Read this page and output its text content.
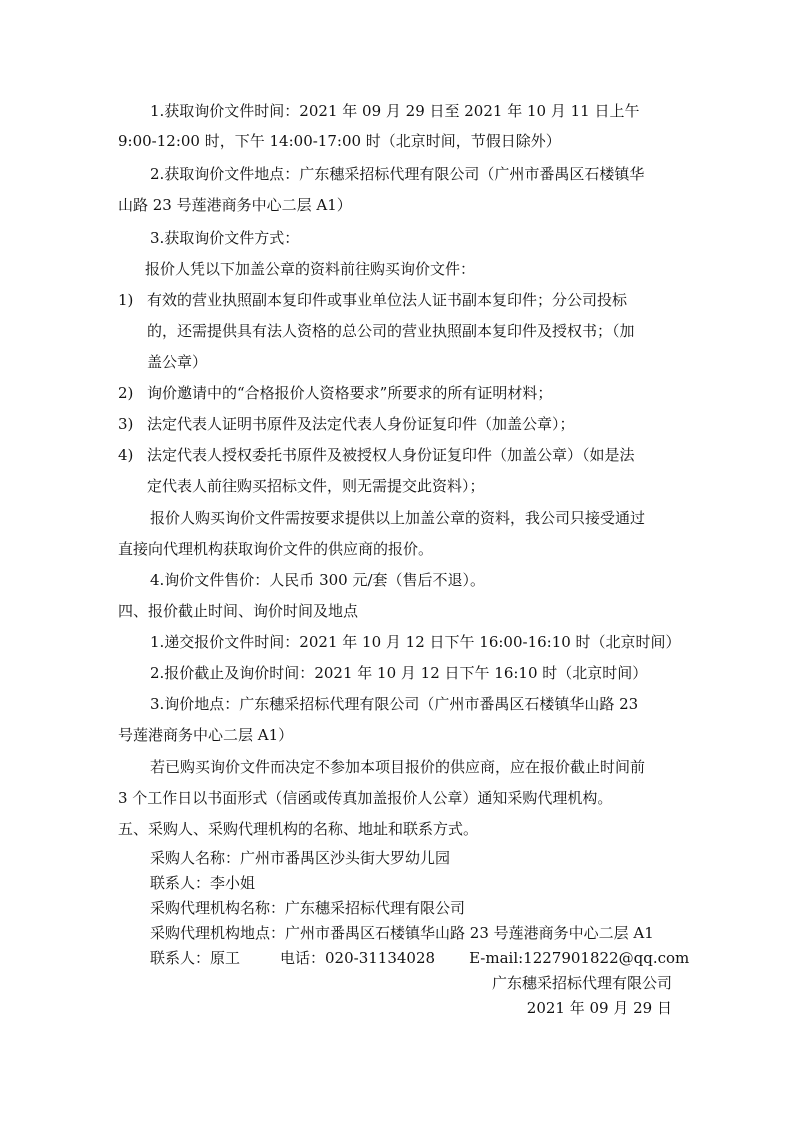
1.获取询价文件时间：2021 年 09 月 29 日至 2021 年 10 月 11 日上午
9:00-12:00 时，下午 14:00-17:00 时（北京时间，节假日除外）
2.获取询价文件地点：广东穗采招标代理有限公司（广州市番禺区石楼镇华
山路 23 号莲港商务中心二层 A1）
3.获取询价文件方式：
报价人凭以下加盖公章的资料前往购买询价文件：
1) 有效的营业执照副本复印件或事业单位法人证书副本复印件；分公司投标
的，还需提供具有法人资格的总公司的营业执照副本复印件及授权书；（加
盖公章）
2) 询价邀请中的“合格报价人资格要求”所要求的所有证明材料；
3) 法定代表人证明书原件及法定代表人身份证复印件（加盖公章）；
4) 法定代表人授权委托书原件及被授权人身份证复印件（加盖公章）（如是法
定代表人前往购买招标文件，则无需提交此资料）；
报价人购买询价文件需按要求提供以上加盖公章的资料，我公司只接受通过
直接向代理机构获取询价文件的供应商的报价。
4.询价文件售价：人民币 300 元/套（售后不退）。
四、报价截止时间、询价时间及地点
1.递交报价文件时间：2021 年 10 月 12 日下午 16:00-16:10 时（北京时间）
2.报价截止及询价时间：2021 年 10 月 12 日下午 16:10 时（北京时间）
3.询价地点：广东穗采招标代理有限公司（广州市番禺区石楼镇华山路 23
号莲港商务中心二层 A1）
若已购买询价文件而决定不参加本项目报价的供应商，应在报价截止时间前
3 个工作日以书面形式（信函或传真加盖报价人公章）通知采购代理机构。
五、采购人、采购代理机构的名称、地址和联系方式。
采购人名称：广州市番禺区沙头街大罗幼儿园
联系人：李小姐
采购代理机构名称：广东穗采招标代理有限公司
采购代理机构地点：广州市番禺区石楼镇华山路 23 号莲港商务中心二层 A1
联系人：原工	电话：020-31134028 E-mail:1227901822@qq.com
广东穗采招标代理有限公司
2021 年 09 月 29 日
